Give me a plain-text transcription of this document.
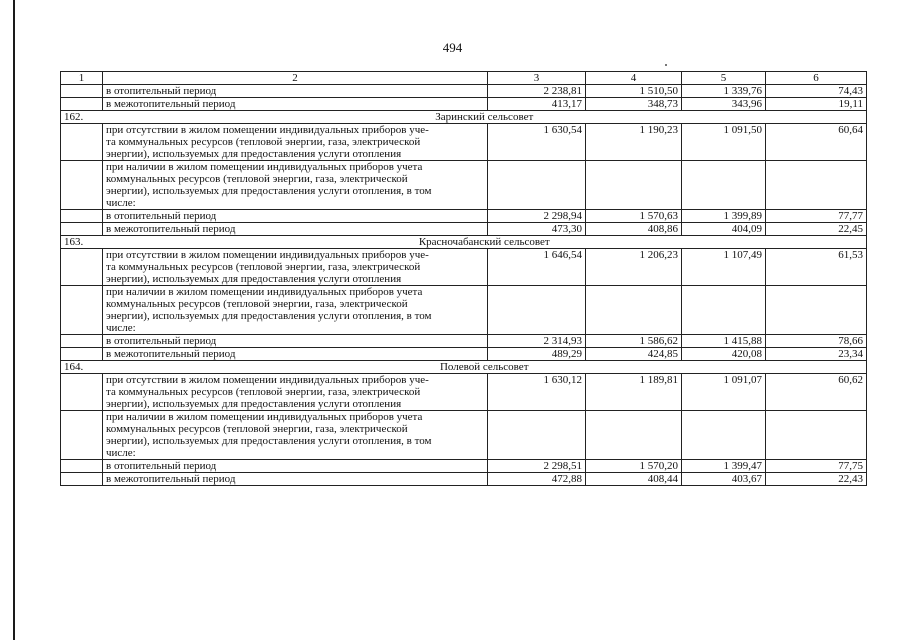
494
1	2	3	4	5	6
	в отопительный период	2 238,81	1 510,50	1 339,76	74,43
	в межотопительный период	413,17	348,73	343,96	19,11
162.	Заринский сельсовет				

	при отсутствии в жилом помещении индивидуальных приборов уче-
та коммунальных ресурсов (тепловой энергии, газа, электрической
энергии), используемых для предоставления услуги отопления	1 630,54	1 190,23	1 091,50	60,64

	при наличии в жилом помещении индивидуальных приборов учета
коммунальных ресурсов (тепловой энергии, газа, электрической
энергии), используемых для предоставления услуги отопления, в том
числе:				

	в отопительный период	2 298,94	1 570,63	1 399,89	77,77
	в межотопительный период	473,30	408,86	404,09	22,45
163.	Красночабанский сельсовет				

	при отсутствии в жилом помещении индивидуальных приборов уче-
та коммунальных ресурсов (тепловой энергии, газа, электрической
энергии), используемых для предоставления услуги отопления	1 646,54	1 206,23	1 107,49	61,53

	при наличии в жилом помещении индивидуальных приборов учета
коммунальных ресурсов (тепловой энергии, газа, электрической
энергии), используемых для предоставления услуги отопления, в том
числе:				

	в отопительный период	2 314,93	1 586,62	1 415,88	78,66
	в межотопительный период	489,29	424,85	420,08	23,34
164.	Полевой сельсовет				

	при отсутствии в жилом помещении индивидуальных приборов уче-
та коммунальных ресурсов (тепловой энергии, газа, электрической
энергии), используемых для предоставления услуги отопления	1 630,12	1 189,81	1 091,07	60,62

	при наличии в жилом помещении индивидуальных приборов учета
коммунальных ресурсов (тепловой энергии, газа, электрической
энергии), используемых для предоставления услуги отопления, в том
числе:				

	в отопительный период	2 298,51	1 570,20	1 399,47	77,75
	в межотопительный период	472,88	408,44	403,67	22,43
